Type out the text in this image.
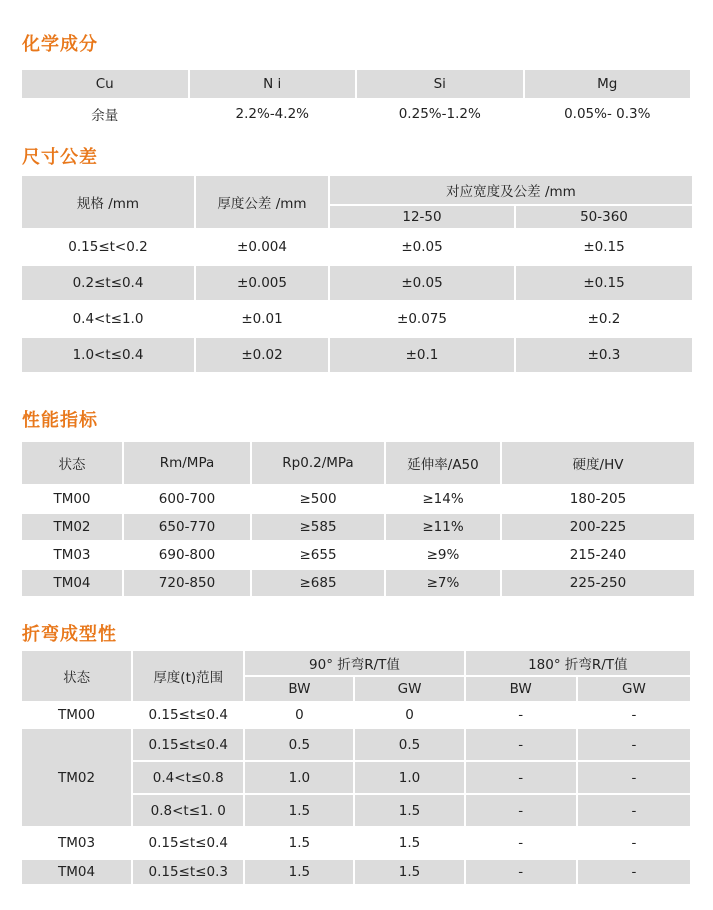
化学成分
Cu	N i	Si	Mg
余量	2.2%-4.2%	0.25%-1.2%	0.05%- 0.3%
尺寸公差
规格 /mm	厚度公差 /mm	对应宽度及公差 /mm	
		12-50	50-360
0.15≤t<0.2	±0.004	±0.05	±0.15
0.2≤t≤0.4	±0.005	±0.05	±0.15
0.4<t≤1.0	±0.01	±0.075	±0.2
1.0<t≤0.4	±0.02	±0.1	±0.3
性能指标
状态	Rm/MPa	Rp0.2/MPa	延伸率/A50	硬度/HV
TM00	600-700	≥500	≥14%	180-205
TM02	650-770	≥585	≥11%	200-225
TM03	690-800	≥655	≥9%	215-240
TM04	720-850	≥685	≥7%	225-250
折弯成型性
状态	厚度(t)范围	90° 折弯R/T值		180° 折弯R/T值	
		BW	GW	BW	GW
TM00	0.15≤t≤0.4	0	0	-	-
TM02	0.15≤t≤0.4	0.5	0.5	-	-
	0.4<t≤0.8	1.0	1.0	-	-
	0.8<t≤1. 0	1.5	1.5	-	-
TM03	0.15≤t≤0.4	1.5	1.5	-	-
TM04	0.15≤t≤0.3	1.5	1.5	-	-
